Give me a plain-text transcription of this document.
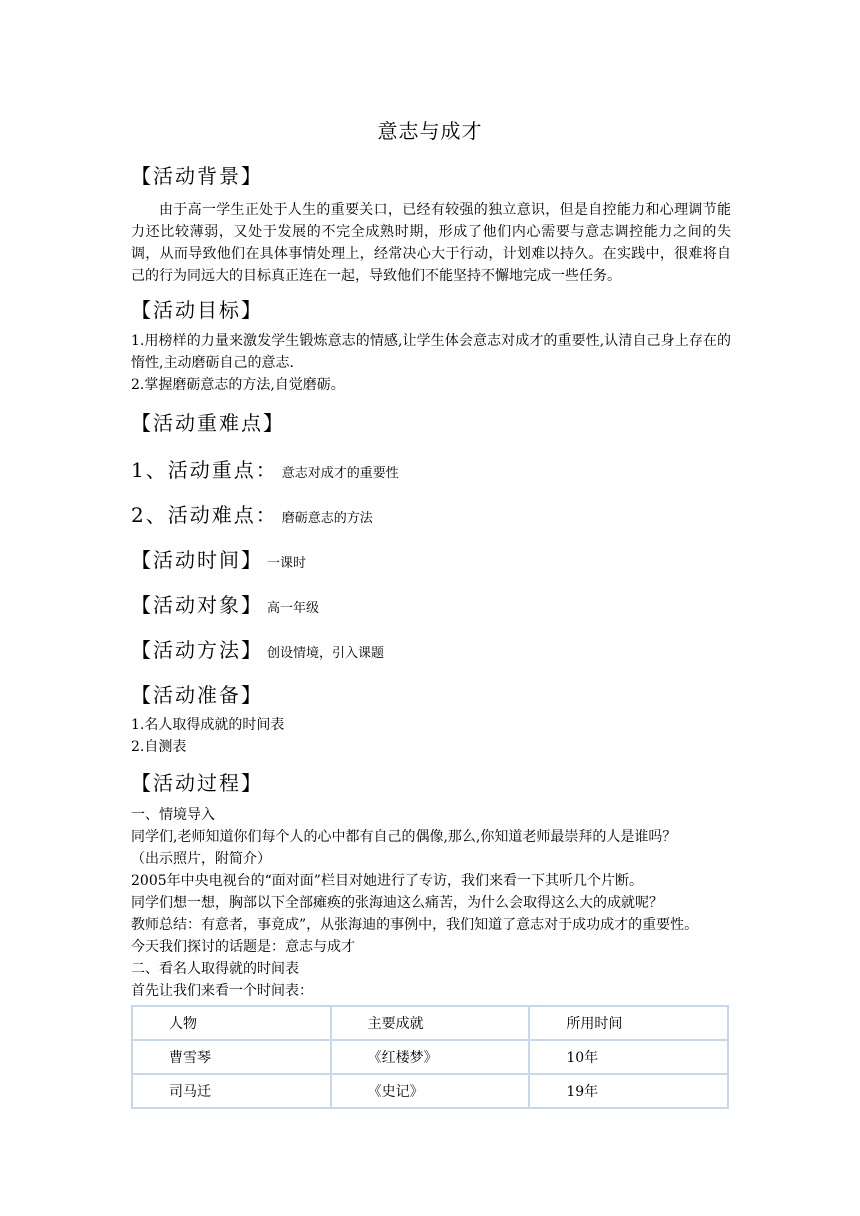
意志与成才
【活动背景】
由于高一学生正处于人生的重要关口，已经有较强的独立意识，但是自控能力和心理调节能力还比较薄弱，又处于发展的不完全成熟时期，形成了他们内心需要与意志调控能力之间的失调，从而导致他们在具体事情处理上，经常决心大于行动，计划难以持久。在实践中，很难将自己的行为同远大的目标真正连在一起，导致他们不能坚持不懈地完成一些任务。
【活动目标】
1.用榜样的力量来激发学生锻炼意志的情感,让学生体会意志对成才的重要性,认清自己身上存在的惰性,主动磨砺自己的意志.
2.掌握磨砺意志的方法,自觉磨砺。
【活动重难点】
1、活动重点： 意志对成才的重要性
2、活动难点： 磨砺意志的方法
【活动时间】 一课时
【活动对象】 高一年级
【活动方法】 创设情境，引入课题
【活动准备】
1.名人取得成就的时间表
2.自测表
【活动过程】
一、情境导入
同学们,老师知道你们每个人的心中都有自己的偶像,那么,你知道老师最崇拜的人是谁吗？
（出示照片，附简介）
2005年中央电视台的“面对面”栏目对她进行了专访，我们来看一下其听几个片断。
同学们想一想，胸部以下全部瘫痪的张海迪这么痛苦，为什么会取得这么大的成就呢？
教师总结：有意者，事竟成”，从张海迪的事例中，我们知道了意志对于成功成才的重要性。
今天我们探讨的话题是：意志与成才
二、看名人取得就的时间表
首先让我们来看一个时间表：
人物	主要成就	所用时间
曹雪琴	《红楼梦》	10年
司马迁	《史记》	19年
